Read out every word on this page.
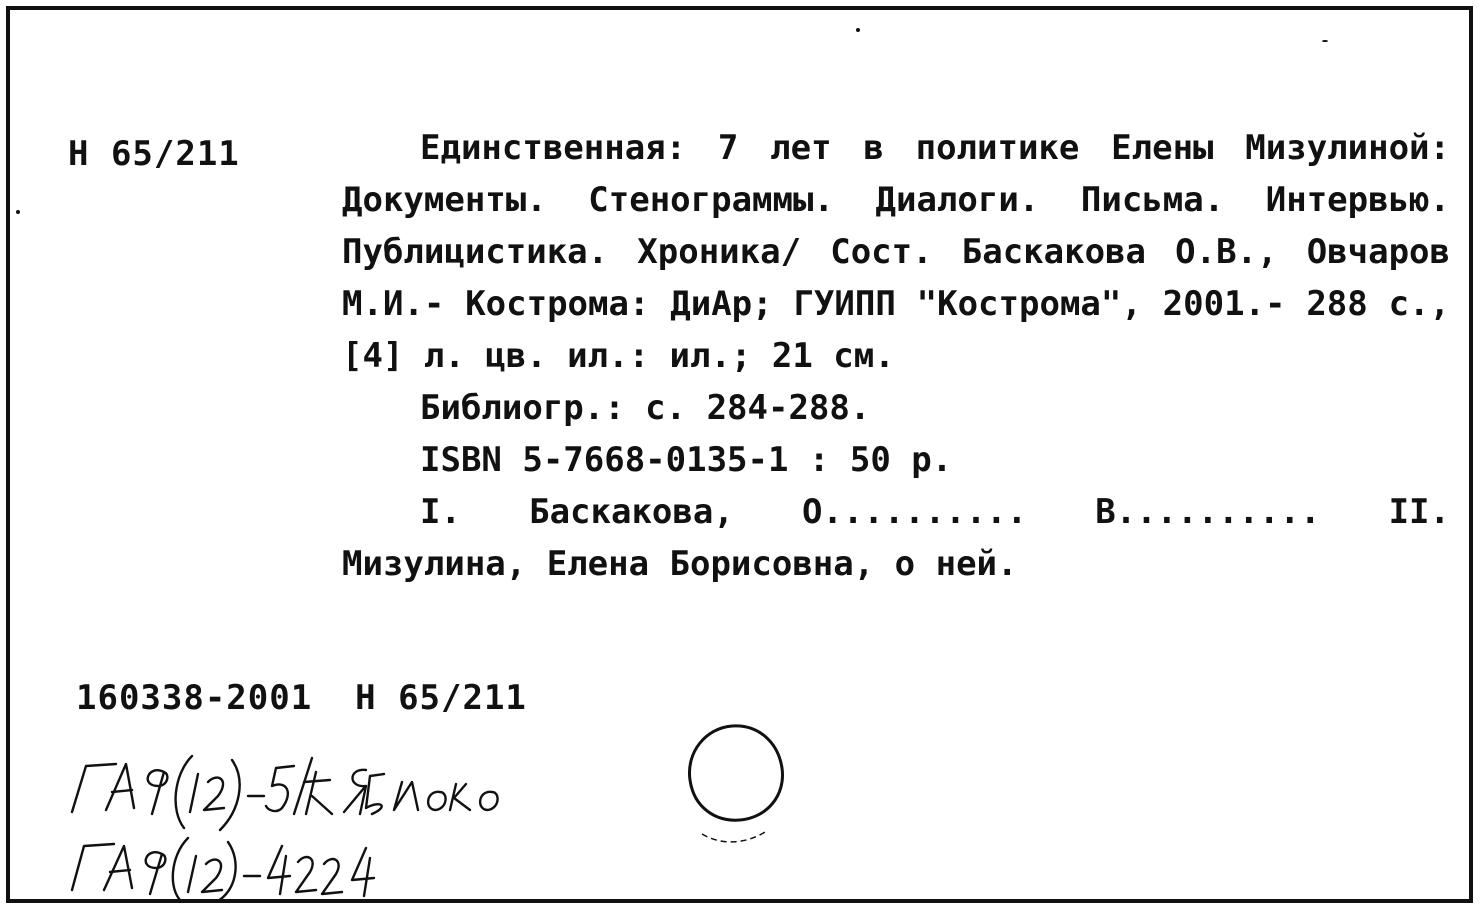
Н 65/211	Единственная: 7 лет в политике Елены Мизулиной: Документы. Стенограммы. Диалоги. Письма. Интервью. Публицистика. Хроника/ Сост. Баскакова О.В., Овчаров М.И.- Кострома: ДиАр; ГУИПП "Кострома", 2001.- 288 с., [4] л. цв. ил.: ил.; 21 см.

Библиогр.: с. 284-288.

ISBN 5-7668-0135-1 : 50 р.

I. Баскакова, О.......... В.......... II. Мизулина, Елена Борисовна, о ней.

160338-2001 Н 65/211
